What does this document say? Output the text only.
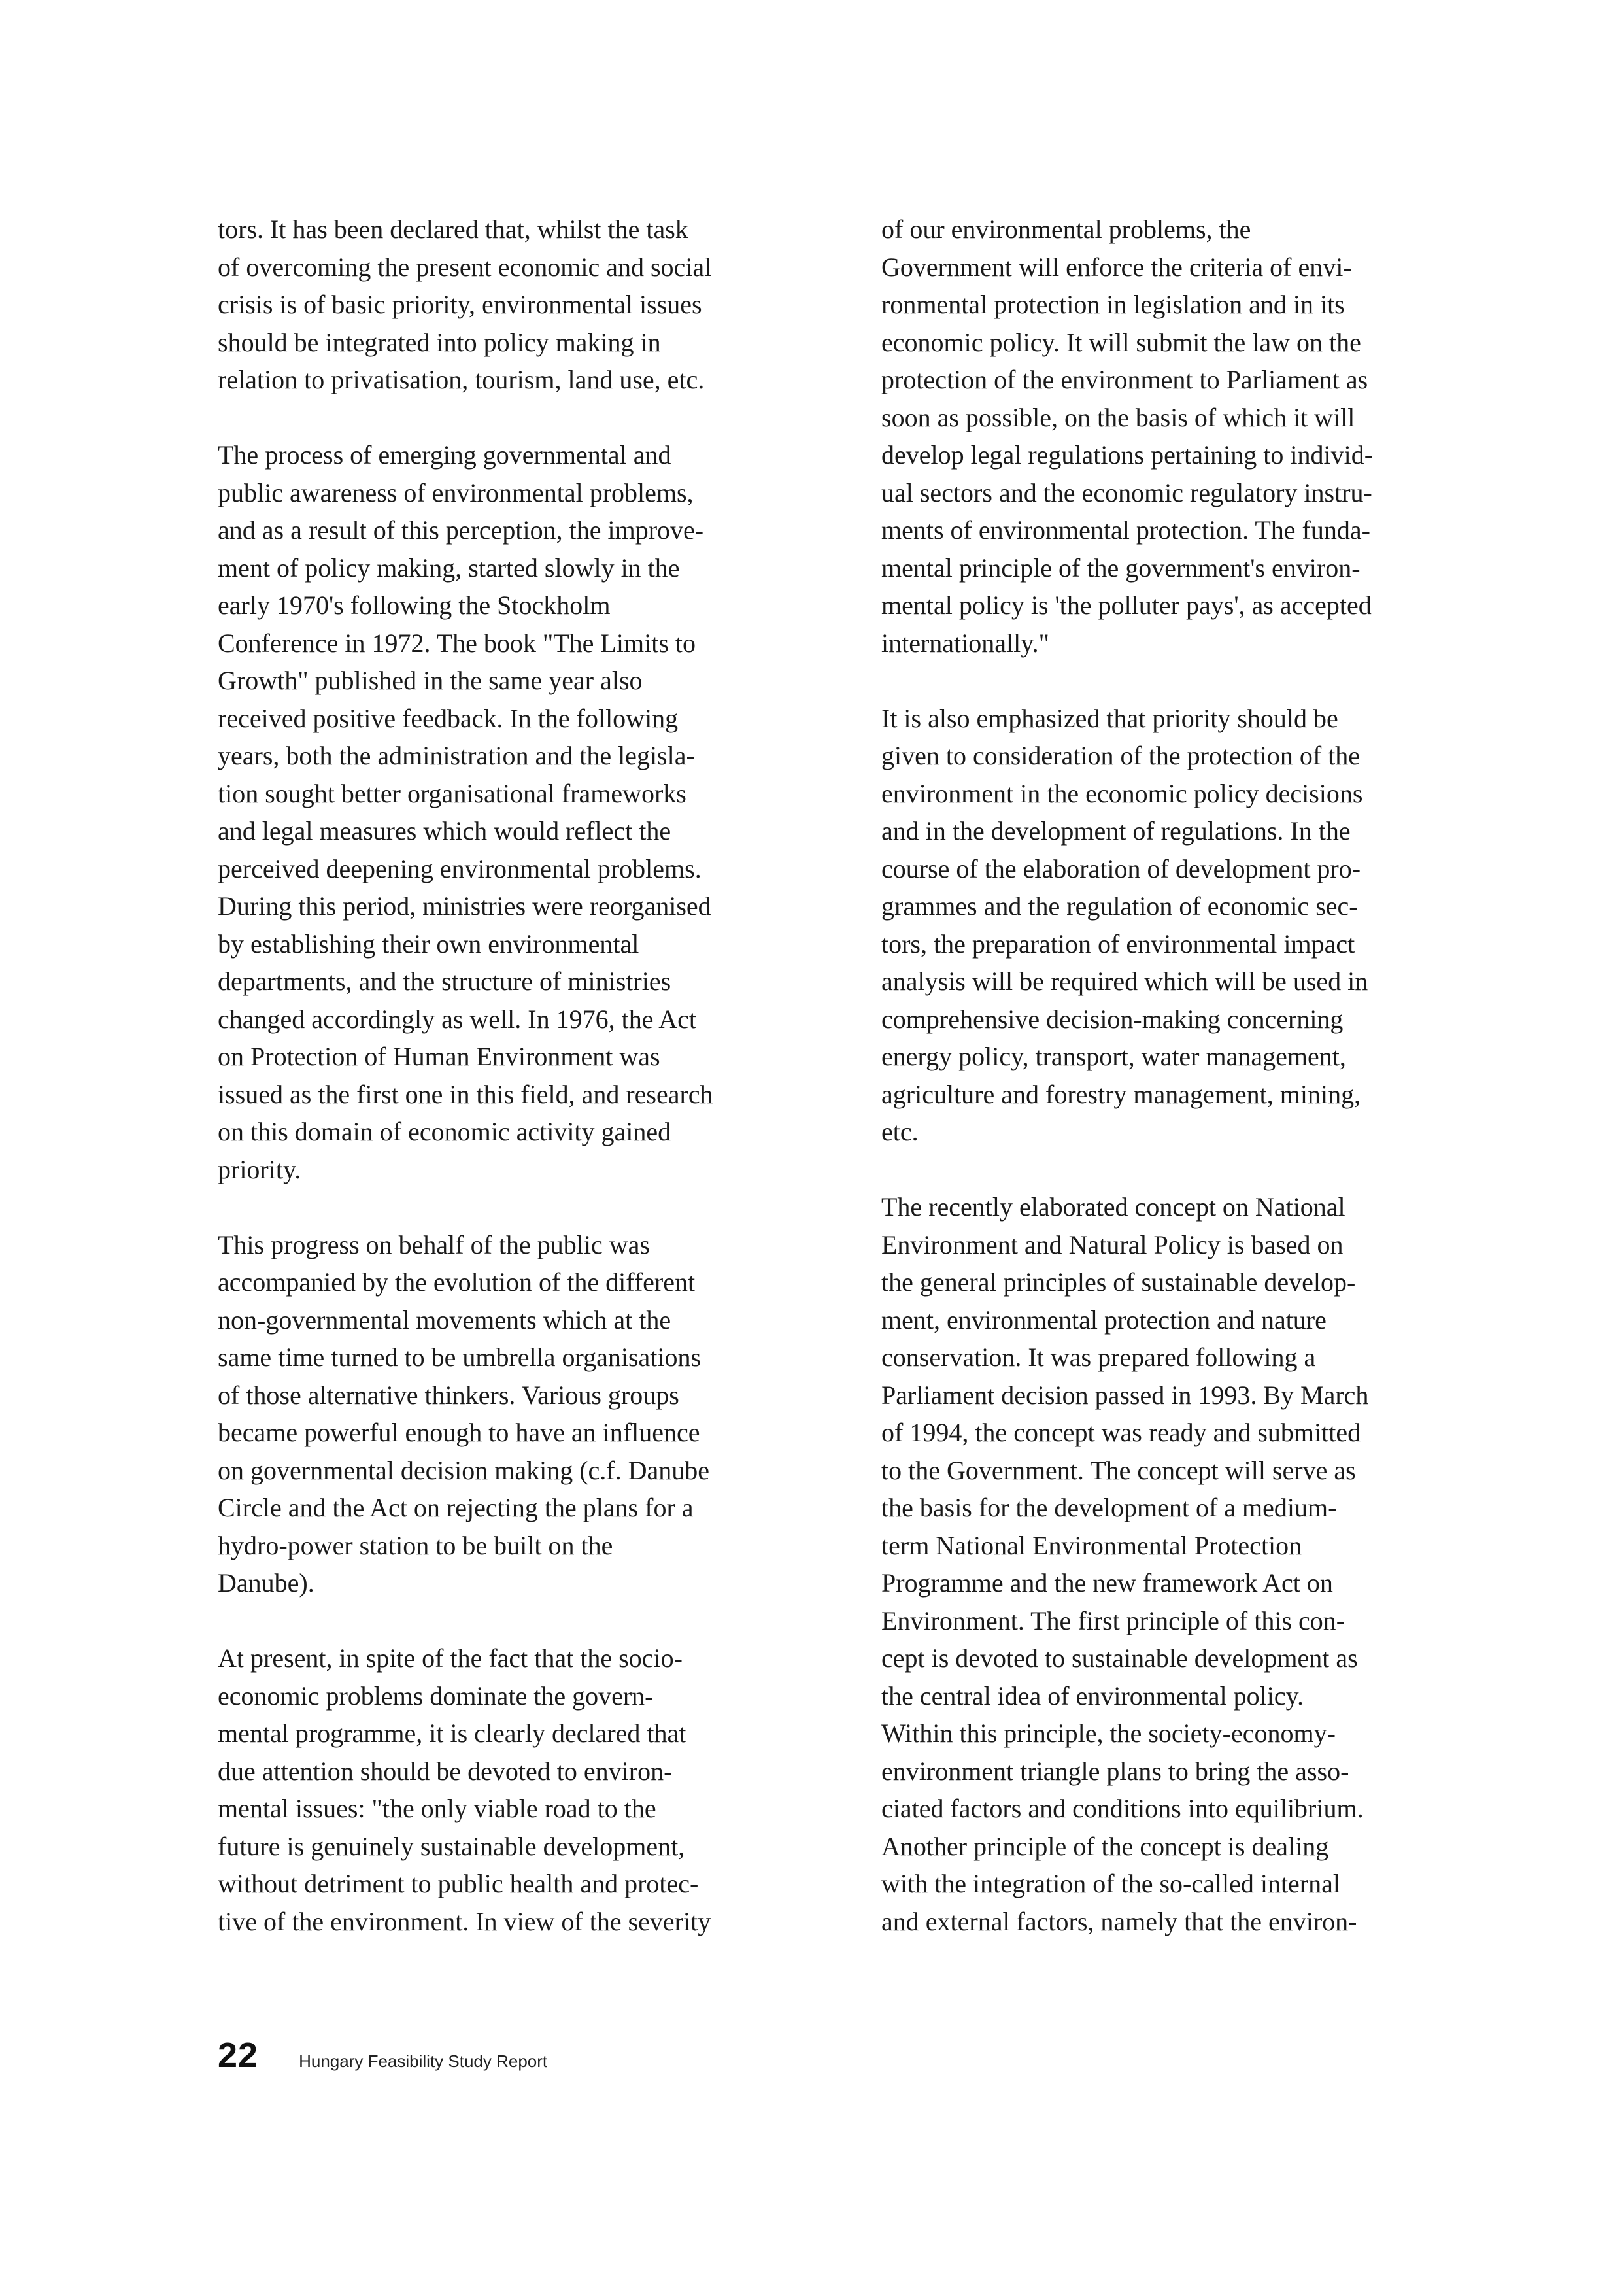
tors. It has been declared that, whilst the task
of overcoming the present economic and social
crisis is of basic priority, environmental issues
should be integrated into policy making in
relation to privatisation, tourism, land use, etc.
The process of emerging governmental and
public awareness of environmental problems,
and as a result of this perception, the improve-
ment of policy making, started slowly in the
early 1970's following the Stockholm
Conference in 1972. The book "The Limits to
Growth" published in the same year also
received positive feedback. In the following
years, both the administration and the legisla-
tion sought better organisational frameworks
and legal measures which would reflect the
perceived deepening environmental problems.
During this period, ministries were reorganised
by establishing their own environmental
departments, and the structure of ministries
changed accordingly as well. In 1976, the Act
on Protection of Human Environment was
issued as the first one in this field, and research
on this domain of economic activity gained
priority.
This progress on behalf of the public was
accompanied by the evolution of the different
non-governmental movements which at the
same time turned to be umbrella organisations
of those alternative thinkers. Various groups
became powerful enough to have an influence
on governmental decision making (c.f. Danube
Circle and the Act on rejecting the plans for a
hydro-power station to be built on the
Danube).
At present, in spite of the fact that the socio-
economic problems dominate the govern-
mental programme, it is clearly declared that
due attention should be devoted to environ-
mental issues: "the only viable road to the
future is genuinely sustainable development,
without detriment to public health and protec-
tive of the environment. In view of the severity
of our environmental problems, the
Government will enforce the criteria of envi-
ronmental protection in legislation and in its
economic policy. It will submit the law on the
protection of the environment to Parliament as
soon as possible, on the basis of which it will
develop legal regulations pertaining to individ-
ual sectors and the economic regulatory instru-
ments of environmental protection. The funda-
mental principle of the government's environ-
mental policy is 'the polluter pays', as accepted
internationally."
It is also emphasized that priority should be
given to consideration of the protection of the
environment in the economic policy decisions
and in the development of regulations. In the
course of the elaboration of development pro-
grammes and the regulation of economic sec-
tors, the preparation of environmental impact
analysis will be required which will be used in
comprehensive decision-making concerning
energy policy, transport, water management,
agriculture and forestry management, mining,
etc.
The recently elaborated concept on National
Environment and Natural Policy is based on
the general principles of sustainable develop-
ment, environmental protection and nature
conservation. It was prepared following a
Parliament decision passed in 1993. By March
of 1994, the concept was ready and submitted
to the Government. The concept will serve as
the basis for the development of a medium-
term National Environmental Protection
Programme and the new framework Act on
Environment. The first principle of this con-
cept is devoted to sustainable development as
the central idea of environmental policy.
Within this principle, the society-economy-
environment triangle plans to bring the asso-
ciated factors and conditions into equilibrium.
Another principle of the concept is dealing
with the integration of the so-called internal
and external factors, namely that the environ-
22 Hungary Feasibility Study Report
